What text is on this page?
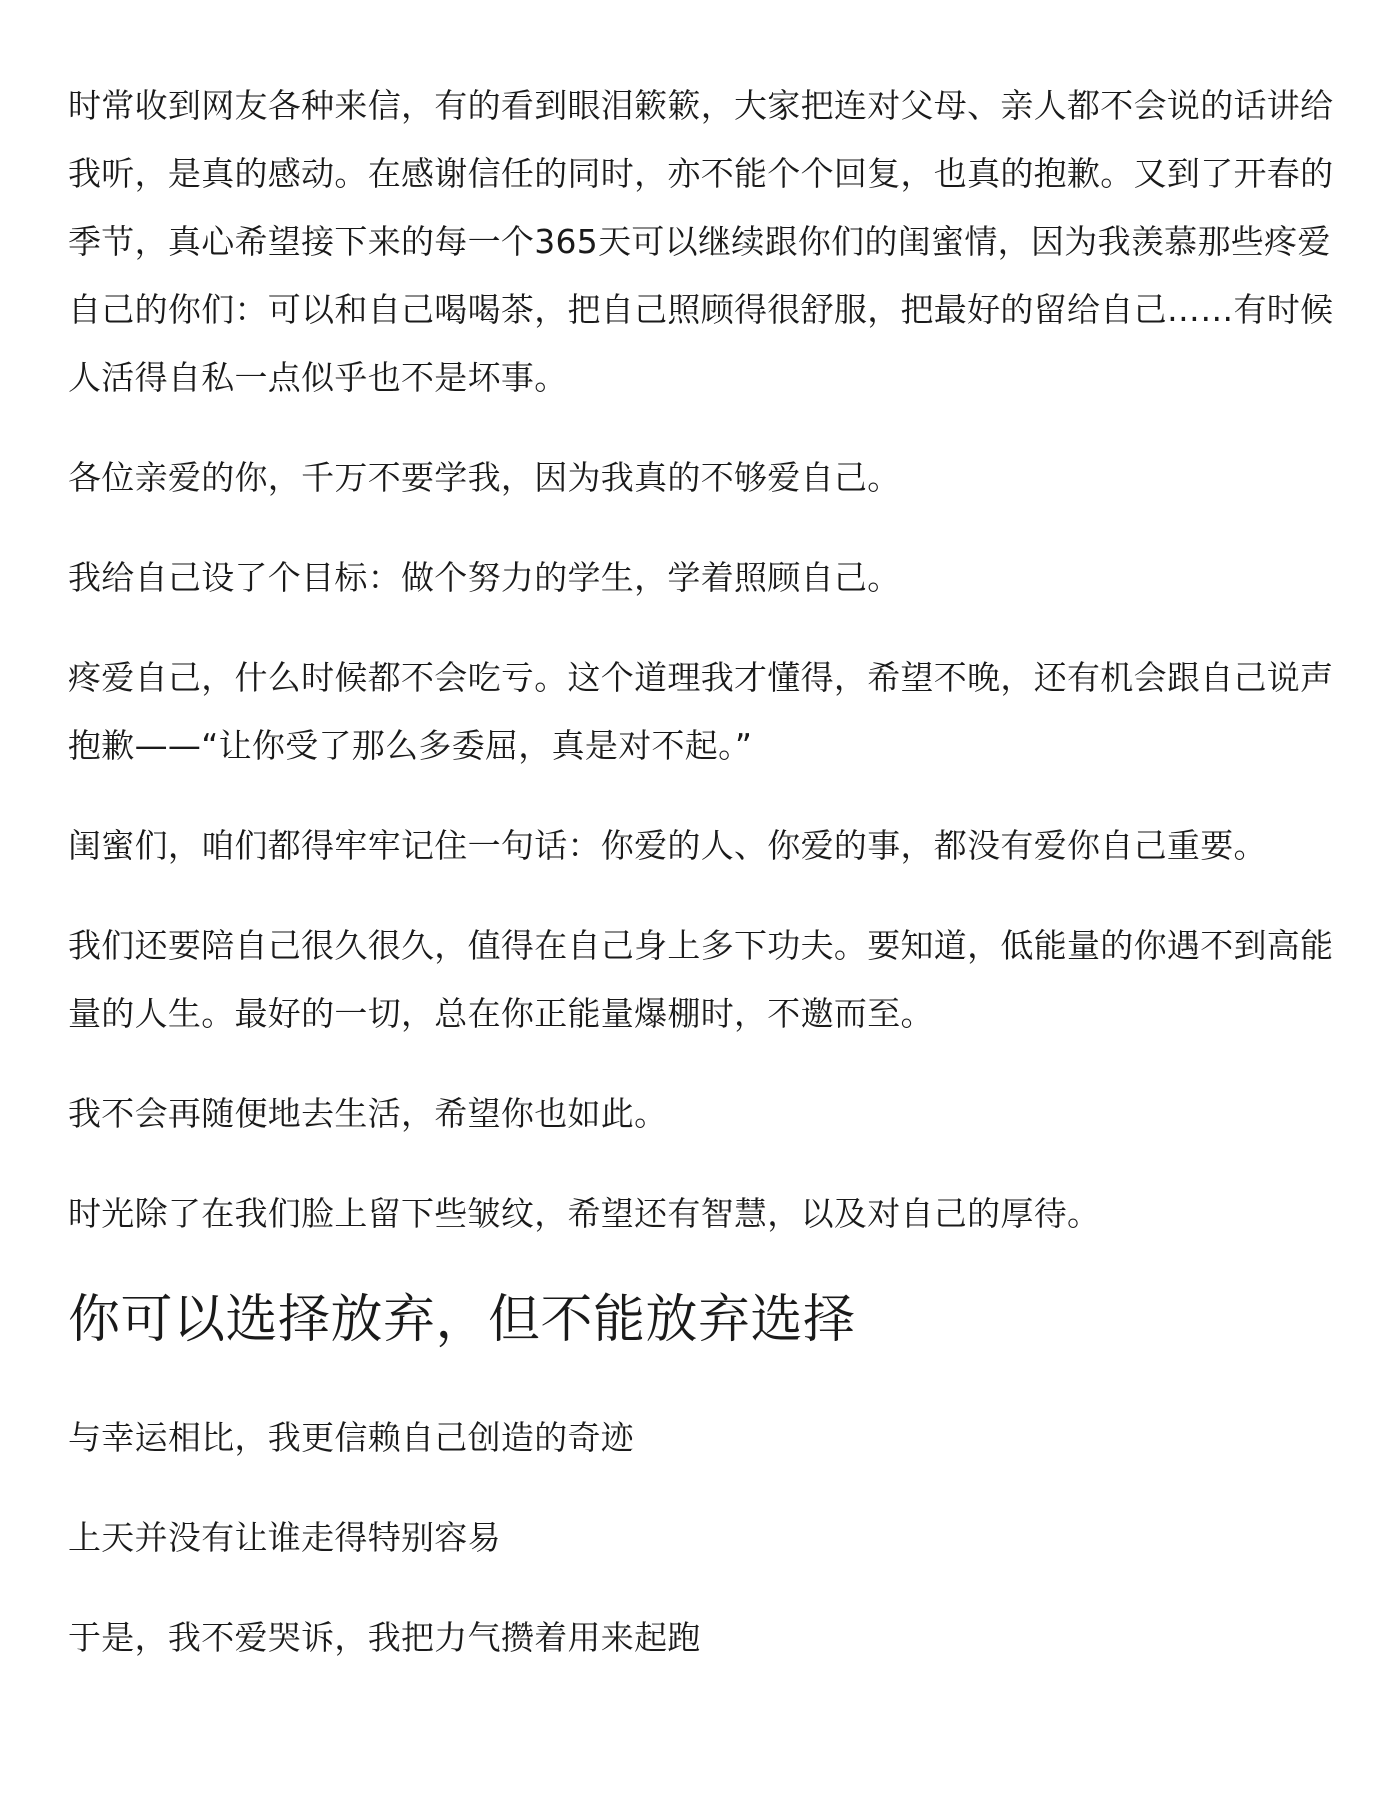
时常收到网友各种来信，有的看到眼泪簌簌，大家把连对父母、亲人都不会说的话讲给我听，是真的感动。在感谢信任的同时，亦不能个个回复，也真的抱歉。又到了开春的季节，真心希望接下来的每一个365天可以继续跟你们的闺蜜情，因为我羡慕那些疼爱自己的你们：可以和自己喝喝茶，把自己照顾得很舒服，把最好的留给自己……有时候人活得自私一点似乎也不是坏事。

各位亲爱的你，千万不要学我，因为我真的不够爱自己。

我给自己设了个目标：做个努力的学生，学着照顾自己。

疼爱自己，什么时候都不会吃亏。这个道理我才懂得，希望不晚，还有机会跟自己说声抱歉——“让你受了那么多委屈，真是对不起。”

闺蜜们，咱们都得牢牢记住一句话：你爱的人、你爱的事，都没有爱你自己重要。

我们还要陪自己很久很久，值得在自己身上多下功夫。要知道，低能量的你遇不到高能量的人生。最好的一切，总在你正能量爆棚时，不邀而至。

我不会再随便地去生活，希望你也如此。

时光除了在我们脸上留下些皱纹，希望还有智慧，以及对自己的厚待。

你可以选择放弃，但不能放弃选择

与幸运相比，我更信赖自己创造的奇迹

上天并没有让谁走得特别容易

于是，我不爱哭诉，我把力气攒着用来起跑
